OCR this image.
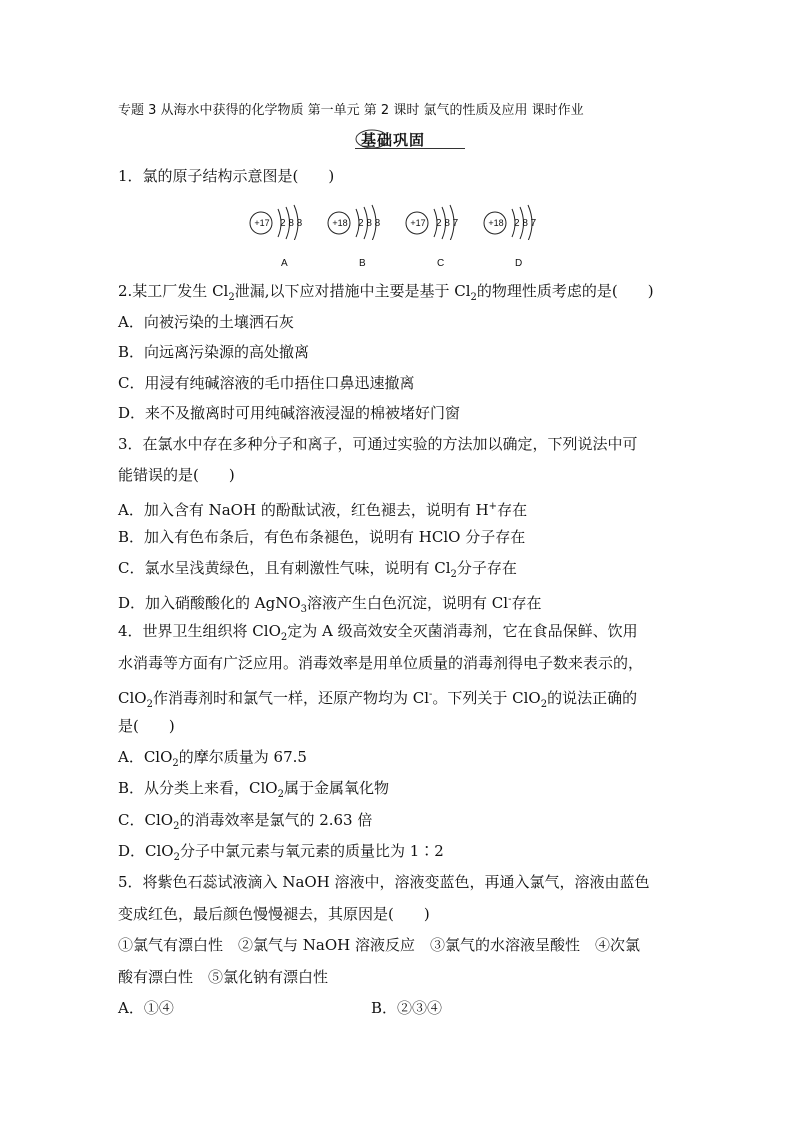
专题 3 从海水中获得的化学物质 第一单元 第 2 课时 氯气的性质及应用 课时作业
基础巩固
1．氯的原子结构示意图是(　　)
+17	2 8 8
A
+18	2 8 8
B
+17	2 8 7
C
+18	2 8 7
D
2.某工厂发生 $Cl_2$泄漏,以下应对措施中主要是基于 $Cl_2$的物理性质考虑的是(　　)
A．向被污染的土壤洒石灰
B．向远离污染源的高处撤离
C．用浸有纯碱溶液的毛巾捂住口鼻迅速撤离
D．来不及撤离时可用纯碱溶液浸湿的棉被堵好门窗
3．在氯水中存在多种分子和离子，可通过实验的方法加以确定，下列说法中可
能错误的是(　　)
A．加入含有 NaOH 的酚酞试液，红色褪去，说明有 H+存在
B．加入有色布条后，有色布条褪色，说明有 HClO 分子存在
C．氯水呈浅黄绿色，且有刺激性气味，说明有 $Cl_2$分子存在
D．加入硝酸酸化的 AgNO$_3$溶液产生白色沉淀，说明有 Cl-存在
4．世界卫生组织将 ClO$_2$定为 A 级高效安全灭菌消毒剂，它在食品保鲜、饮用
水消毒等方面有广泛应用。消毒效率是用单位质量的消毒剂得电子数来表示的，
ClO$_2$作消毒剂时和氯气一样，还原产物均为 Cl-。下列关于 ClO$_2$的说法正确的
是(　　)
A．ClO$_2$的摩尔质量为 67.5
B．从分类上来看，ClO$_2$属于金属氧化物
C．ClO$_2$的消毒效率是氯气的 2.63 倍
D．ClO$_2$分子中氯元素与氧元素的质量比为 1∶2
5．将紫色石蕊试液滴入 NaOH 溶液中，溶液变蓝色，再通入氯气，溶液由蓝色
变成红色，最后颜色慢慢褪去，其原因是(　　)
①氯气有漂白性　②氯气与 NaOH 溶液反应　③氯气的水溶液呈酸性　④次氯
酸有漂白性　⑤氯化钠有漂白性
A．①④	B．②③④
